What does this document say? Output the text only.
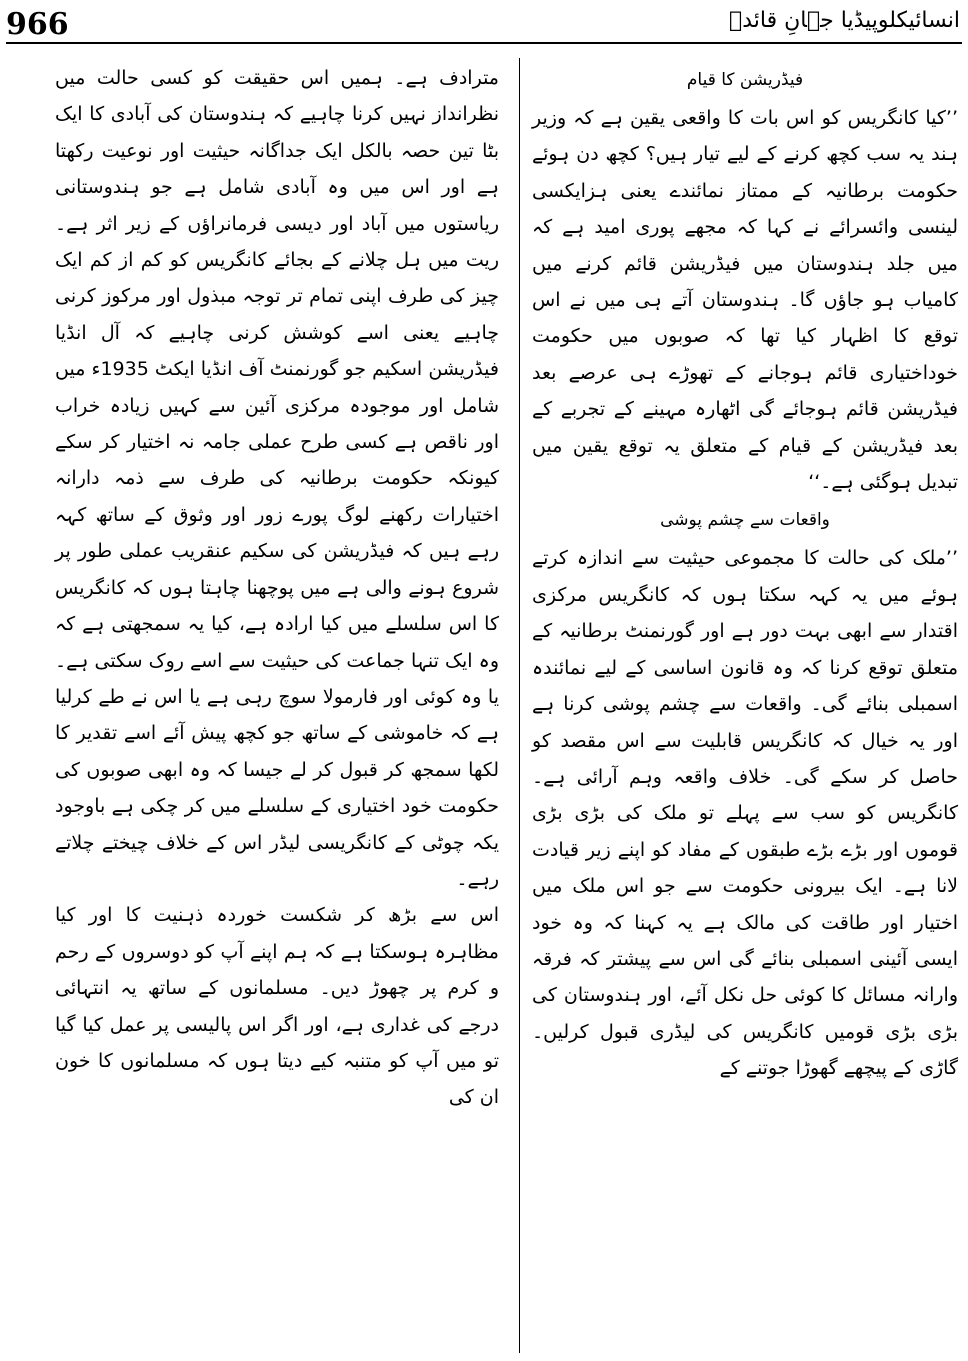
966	انسائیکلوپیڈیا جہانِ قائدؒ
فیڈریشن کا قیام
’’کیا کانگریس کو اس بات کا واقعی یقین ہے کہ وزیر ہند یہ سب کچھ کرنے کے لیے تیار ہیں؟ کچھ دن ہوئے حکومت برطانیہ کے ممتاز نمائندے یعنی ہزایکسی لینسی وائسرائے نے کہا کہ مجھے پوری امید ہے کہ میں جلد ہندوستان میں فیڈریشن قائم کرنے میں کامیاب ہو جاؤں گا۔ ہندوستان آتے ہی میں نے اس توقع کا اظہار کیا تھا کہ صوبوں میں حکومت خوداختیاری قائم ہوجانے کے تھوڑے ہی عرصے بعد فیڈریشن قائم ہوجائے گی اٹھارہ مہینے کے تجربے کے بعد فیڈریشن کے قیام کے متعلق یہ توقع یقین میں تبدیل ہوگئی ہے۔‘‘
واقعات سے چشم پوشی
’’ملک کی حالت کا مجموعی حیثیت سے اندازہ کرتے ہوئے میں یہ کہہ سکتا ہوں کہ کانگریس مرکزی اقتدار سے ابھی بہت دور ہے اور گورنمنٹ برطانیہ کے متعلق توقع کرنا کہ وہ قانون اساسی کے لیے نمائندہ اسمبلی بنائے گی۔ واقعات سے چشم پوشی کرنا ہے اور یہ خیال کہ کانگریس قابلیت سے اس مقصد کو حاصل کر سکے گی۔ خلاف واقعہ وہم آرائی ہے۔ کانگریس کو سب سے پہلے تو ملک کی بڑی بڑی قوموں اور بڑے بڑے طبقوں کے مفاد کو اپنے زیر قیادت لانا ہے۔ ایک بیرونی حکومت سے جو اس ملک میں اختیار اور طاقت کی مالک ہے یہ کہنا کہ وہ خود ایسی آئینی اسمبلی بنائے گی اس سے پیشتر کہ فرقہ وارانہ مسائل کا کوئی حل نکل آئے، اور ہندوستان کی بڑی بڑی قومیں کانگریس کی لیڈری قبول کرلیں۔ گاڑی کے پیچھے گھوڑا جوتنے کے
مترادف ہے۔ ہمیں اس حقیقت کو کسی حالت میں نظرانداز نہیں کرنا چاہیے کہ ہندوستان کی آبادی کا ایک بٹا تین حصہ بالکل ایک جداگانہ حیثیت اور نوعیت رکھتا ہے اور اس میں وہ آبادی شامل ہے جو ہندوستانی ریاستوں میں آباد اور دیسی فرمانراؤں کے زیر اثر ہے۔ ریت میں ہل چلانے کے بجائے کانگریس کو کم از کم ایک چیز کی طرف اپنی تمام تر توجہ مبذول اور مرکوز کرنی چاہیے یعنی اسے کوشش کرنی چاہیے کہ آل انڈیا فیڈریشن اسکیم جو گورنمنٹ آف انڈیا ایکٹ 1935ء میں شامل اور موجودہ مرکزی آئین سے کہیں زیادہ خراب اور ناقص ہے کسی طرح عملی جامہ نہ اختیار کر سکے کیونکہ حکومت برطانیہ کی طرف سے ذمہ دارانہ اختیارات رکھنے لوگ پورے زور اور وثوق کے ساتھ کہہ رہے ہیں کہ فیڈریشن کی سکیم عنقریب عملی طور پر شروع ہونے والی ہے میں پوچھنا چاہتا ہوں کہ کانگریس کا اس سلسلے میں کیا ارادہ ہے، کیا یہ سمجھتی ہے کہ وہ ایک تنہا جماعت کی حیثیت سے اسے روک سکتی ہے۔ یا وہ کوئی اور فارمولا سوچ رہی ہے یا اس نے طے کرلیا ہے کہ خاموشی کے ساتھ جو کچھ پیش آئے اسے تقدیر کا لکھا سمجھ کر قبول کر لے جیسا کہ وہ ابھی صوبوں کی حکومت خود اختیاری کے سلسلے میں کر چکی ہے باوجود یکہ چوٹی کے کانگریسی لیڈر اس کے خلاف چیختے چلاتے رہے۔
اس سے بڑھ کر شکست خوردہ ذہنیت کا اور کیا مظاہرہ ہوسکتا ہے کہ ہم اپنے آپ کو دوسروں کے رحم و کرم پر چھوڑ دیں۔ مسلمانوں کے ساتھ یہ انتہائی درجے کی غداری ہے، اور اگر اس پالیسی پر عمل کیا گیا تو میں آپ کو متنبہ کیے دیتا ہوں کہ مسلمانوں کا خون ان کی
